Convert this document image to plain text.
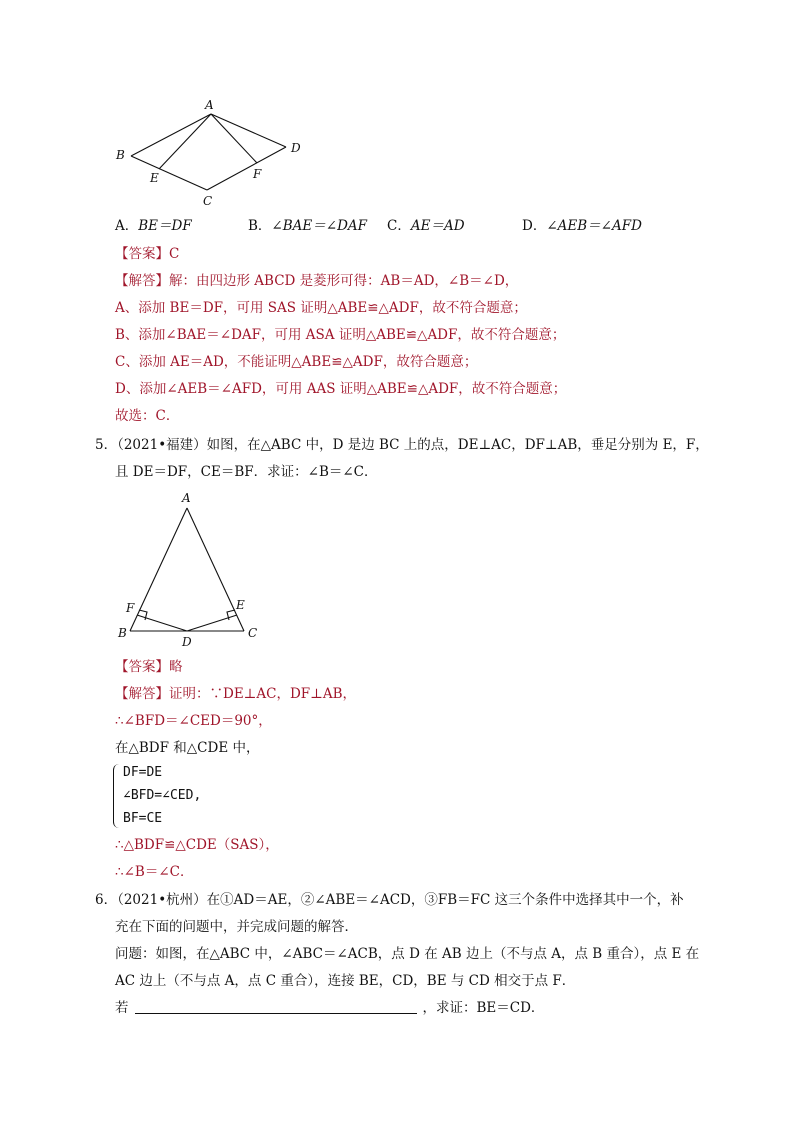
A
B
C
D
E	F
A．BE＝DF	B．∠BAE＝∠DAF C．AE＝AD	D．∠AEB＝∠AFD
【答案】C
【解答】解：由四边形 ABCD 是菱形可得：AB＝AD，∠B＝∠D，
A、添加 BE＝DF，可用 SAS 证明△ABE≌△ADF，故不符合题意；
B、添加∠BAE＝∠DAF，可用 ASA 证明△ABE≌△ADF，故不符合题意；
C、添加 AE＝AD，不能证明△ABE≌△ADF，故符合题意；
D、添加∠AEB＝∠AFD，可用 AAS 证明△ABE≌△ADF，故不符合题意；
故选：C．
5．（2021•福建）如图，在△ABC 中，D 是边 BC 上的点，DE⊥AC，DF⊥AB，垂足分别为 E，F，
且 DE＝DF，CE＝BF．求证：∠B＝∠C．
A
B	C
D
E
F
【答案】略
【解答】证明：∵DE⊥AC，DF⊥AB，
∴∠BFD＝∠CED＝90°，
在△BDF 和△CDE 中，
DF=DE
∠BFD=∠CED,
BF=CE
∴△BDF≌△CDE（SAS），
∴∠B＝∠C．
6．（2021•杭州）在①AD＝AE，②∠ABE＝∠ACD，③FB＝FC 这三个条件中选择其中一个，补
充在下面的问题中，并完成问题的解答．
问题：如图，在△ABC 中，∠ABC＝∠ACB，点 D 在 AB 边上（不与点 A，点 B 重合），点 E 在
AC 边上（不与点 A，点 C 重合），连接 BE，CD，BE 与 CD 相交于点 F．
若	，求证：BE＝CD．
